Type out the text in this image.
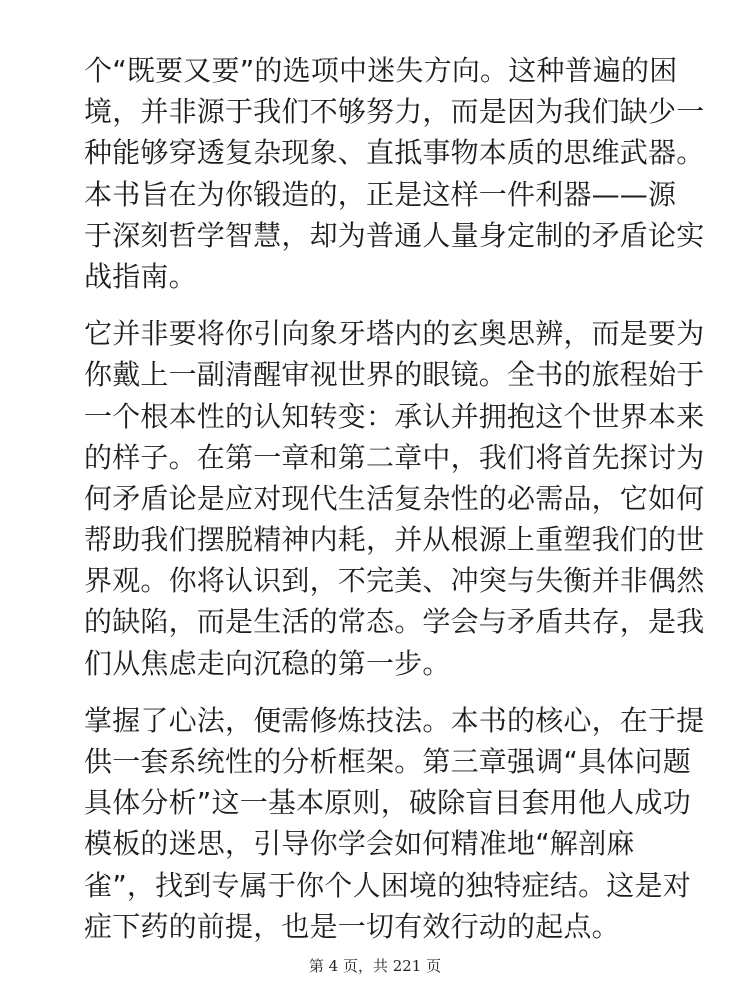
个“既要又要”的选项中迷失方向。这种普遍的困
境，并非源于我们不够努力，而是因为我们缺少一
种能够穿透复杂现象、直抵事物本质的思维武器。
本书旨在为你锻造的，正是这样一件利器——源
于深刻哲学智慧，却为普通人量身定制的矛盾论实
战指南。
它并非要将你引向象牙塔内的玄奥思辨，而是要为
你戴上一副清醒审视世界的眼镜。全书的旅程始于
一个根本性的认知转变：承认并拥抱这个世界本来
的样子。在第一章和第二章中，我们将首先探讨为
何矛盾论是应对现代生活复杂性的必需品，它如何
帮助我们摆脱精神内耗，并从根源上重塑我们的世
界观。你将认识到，不完美、冲突与失衡并非偶然
的缺陷，而是生活的常态。学会与矛盾共存，是我
们从焦虑走向沉稳的第一步。
掌握了心法，便需修炼技法。本书的核心，在于提
供一套系统性的分析框架。第三章强调“具体问题
具体分析”这一基本原则，破除盲目套用他人成功
模板的迷思，引导你学会如何精准地“解剖麻
雀”，找到专属于你个人困境的独特症结。这是对
症下药的前提，也是一切有效行动的起点。
第 4 页，共 221 页
